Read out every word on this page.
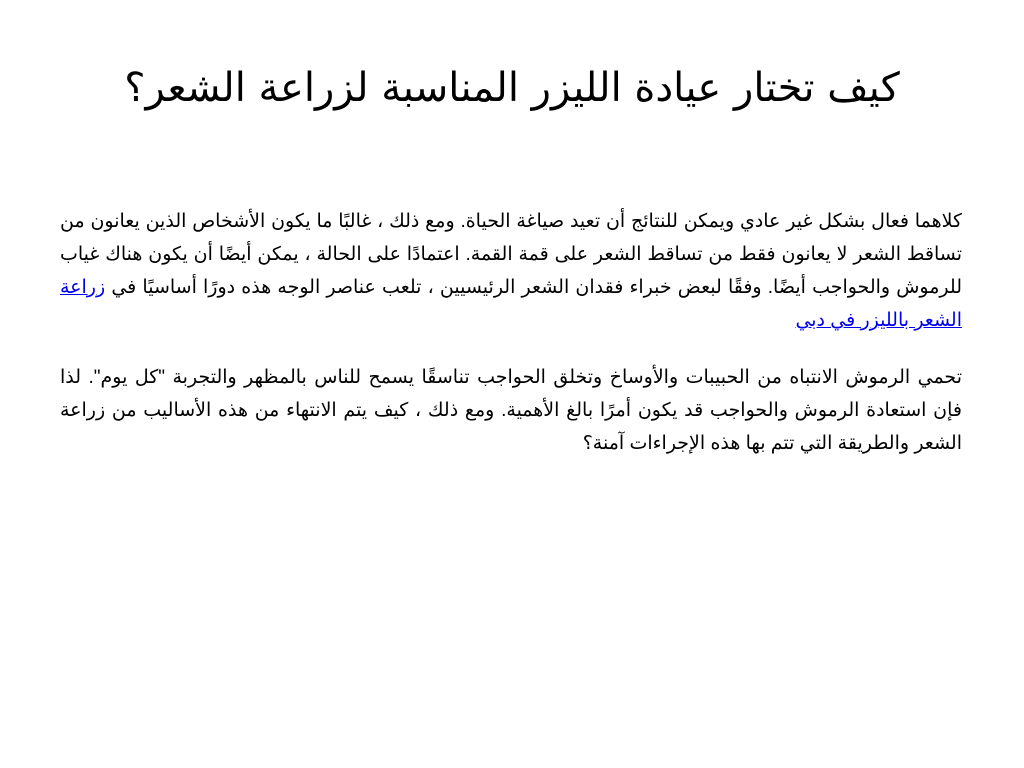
كيف تختار عيادة الليزر المناسبة لزراعة الشعر؟

كلاهما فعال بشكل غير عادي ويمكن للنتائج أن تعيد صياغة الحياة. ومع ذلك ، غالبًا ما يكون الأشخاص الذين يعانون من تساقط الشعر لا يعانون فقط من تساقط الشعر على قمة القمة. اعتمادًا على الحالة ، يمكن أيضًا أن يكون هناك غياب للرموش والحواجب أيضًا. وفقًا لبعض خبراء فقدان الشعر الرئيسيين ، تلعب عناصر الوجه هذه دورًا أساسيًا في زراعة الشعر بالليزر في دبي

تحمي الرموش الانتباه من الحبيبات والأوساخ وتخلق الحواجب تناسقًا يسمح للناس بالمظهر والتجربة "كل يوم". لذا فإن استعادة الرموش والحواجب قد يكون أمرًا بالغ الأهمية. ومع ذلك ، كيف يتم الانتهاء من هذه الأساليب من زراعة الشعر والطريقة التي تتم بها هذه الإجراءات آمنة؟
